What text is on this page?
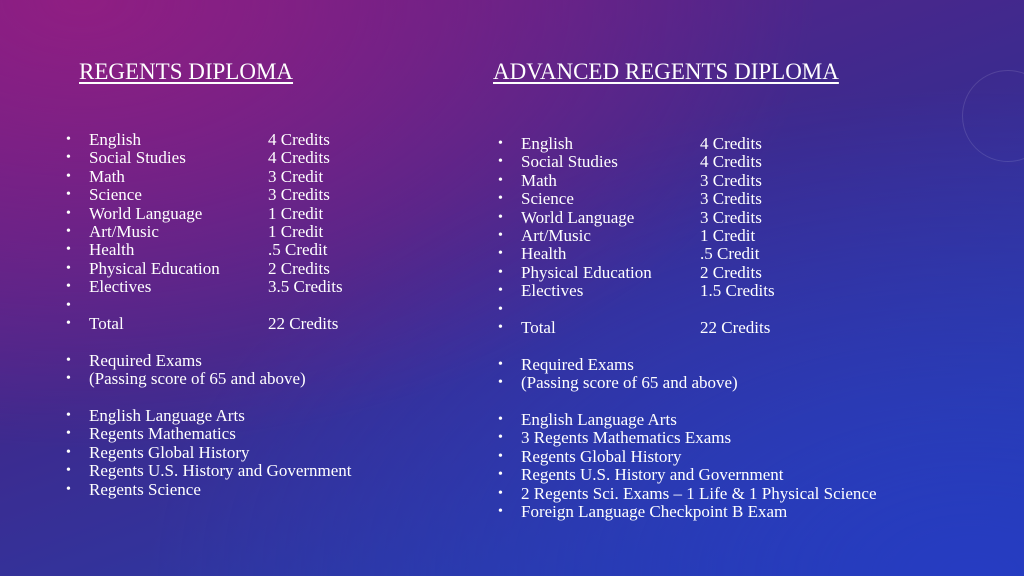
REGENTS DIPLOMA
• English	4 Credits
• Social Studies	4 Credits
• Math	3 Credit
• Science	3 Credits
• World Language	1 Credit
• Art/Music	1 Credit
• Health	.5 Credit
• Physical Education	2 Credits
• Electives	3.5 Credits
•
• Total	22 Credits
• Required Exams
• (Passing score of 65 and above)
• English Language Arts
• Regents Mathematics
• Regents Global History
• Regents U.S. History and Government
• Regents Science
ADVANCED REGENTS DIPLOMA
• English	4 Credits
• Social Studies	4 Credits
• Math	3 Credits
• Science	3 Credits
• World Language	3 Credits
• Art/Music	1 Credit
• Health	.5 Credit
• Physical Education	2 Credits
• Electives	1.5 Credits
•
• Total	22 Credits
• Required Exams
• (Passing score of 65 and above)
• English Language Arts
• 3 Regents Mathematics Exams
• Regents Global History
• Regents U.S. History and Government
• 2 Regents Sci. Exams – 1 Life & 1 Physical Science
• Foreign Language Checkpoint B Exam
